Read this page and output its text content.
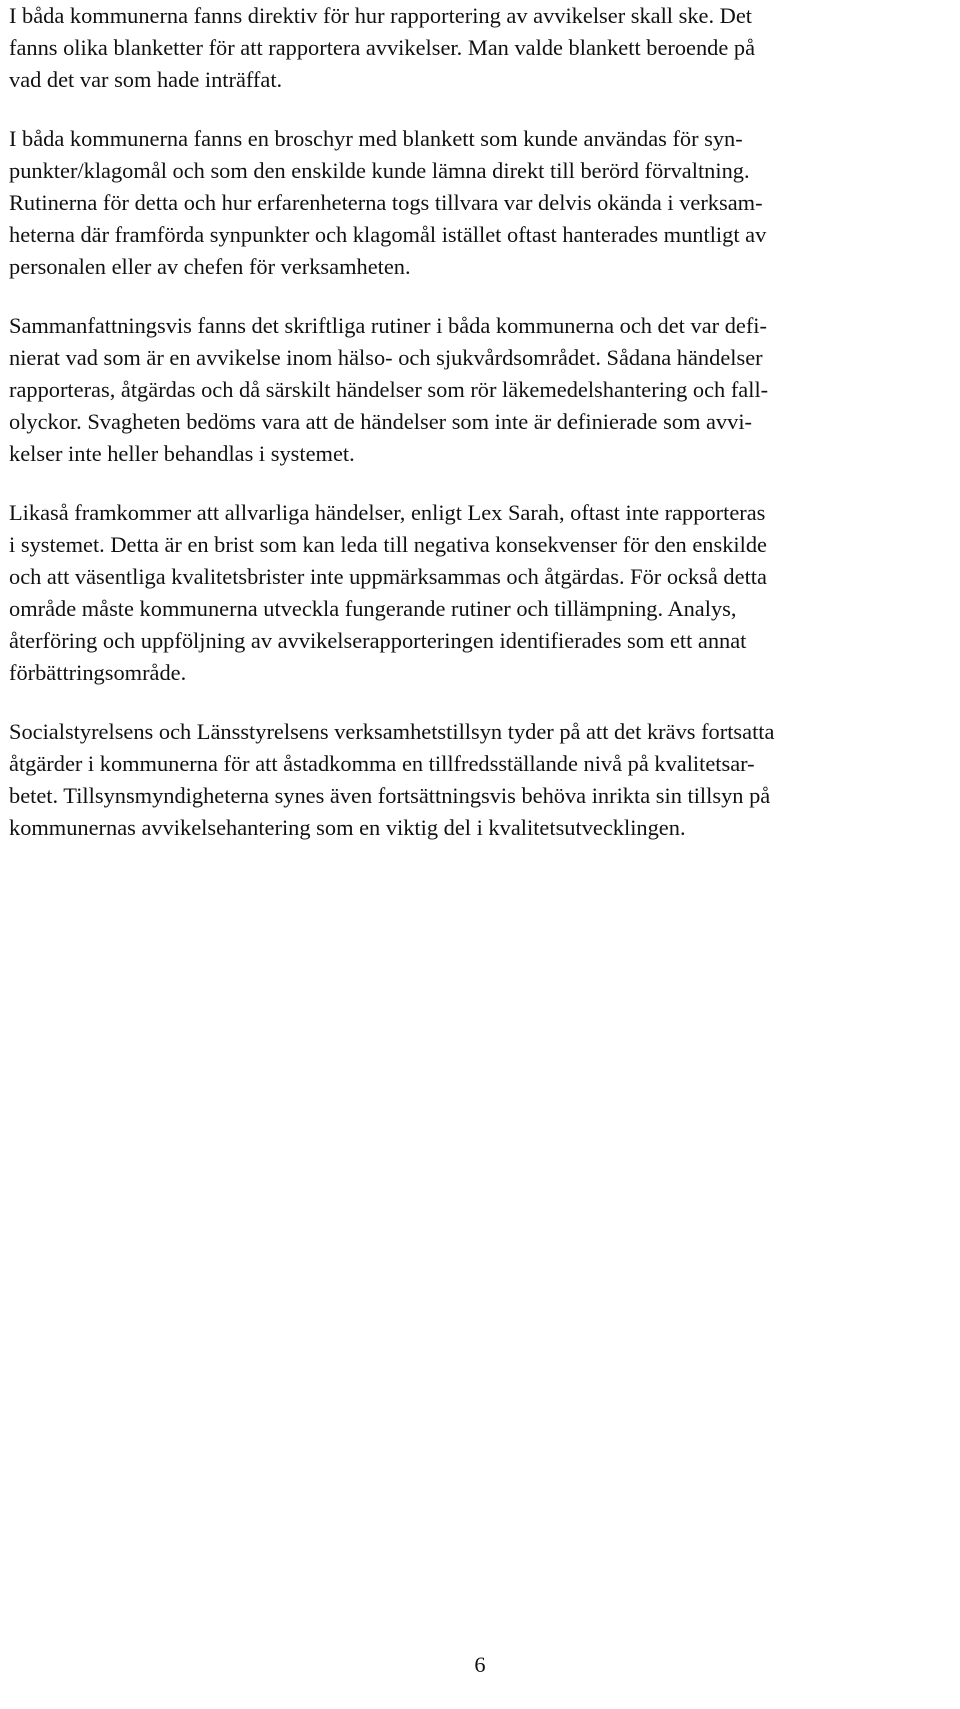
I båda kommunerna fanns direktiv för hur rapportering av avvikelser skall ske. Det
fanns olika blanketter för att rapportera avvikelser. Man valde blankett beroende på
vad det var som hade inträffat.

I båda kommunerna fanns en broschyr med blankett som kunde användas för syn-
punkter/klagomål och som den enskilde kunde lämna direkt till berörd förvaltning.
Rutinerna för detta och hur erfarenheterna togs tillvara var delvis okända i verksam-
heterna där framförda synpunkter och klagomål istället oftast hanterades muntligt av
personalen eller av chefen för verksamheten.

Sammanfattningsvis fanns det skriftliga rutiner i båda kommunerna och det var defi-
nierat vad som är en avvikelse inom hälso- och sjukvårdsområdet. Sådana händelser
rapporteras, åtgärdas och då särskilt händelser som rör läkemedelshantering och fall-
olyckor. Svagheten bedöms vara att de händelser som inte är definierade som avvi-
kelser inte heller behandlas i systemet.

Likaså framkommer att allvarliga händelser, enligt Lex Sarah, oftast inte rapporteras
i systemet. Detta är en brist som kan leda till negativa konsekvenser för den enskilde
och att väsentliga kvalitetsbrister inte uppmärksammas och åtgärdas. För också detta
område måste kommunerna utveckla fungerande rutiner och tillämpning. Analys,
återföring och uppföljning av avvikelserapporteringen identifierades som ett annat
förbättringsområde.

Socialstyrelsens och Länsstyrelsens verksamhetstillsyn tyder på att det krävs fortsatta
åtgärder i kommunerna för att åstadkomma en tillfredsställande nivå på kvalitetsar-
betet. Tillsynsmyndigheterna synes även fortsättningsvis behöva inrikta sin tillsyn på
kommunernas avvikelsehantering som en viktig del i kvalitetsutvecklingen.

6
